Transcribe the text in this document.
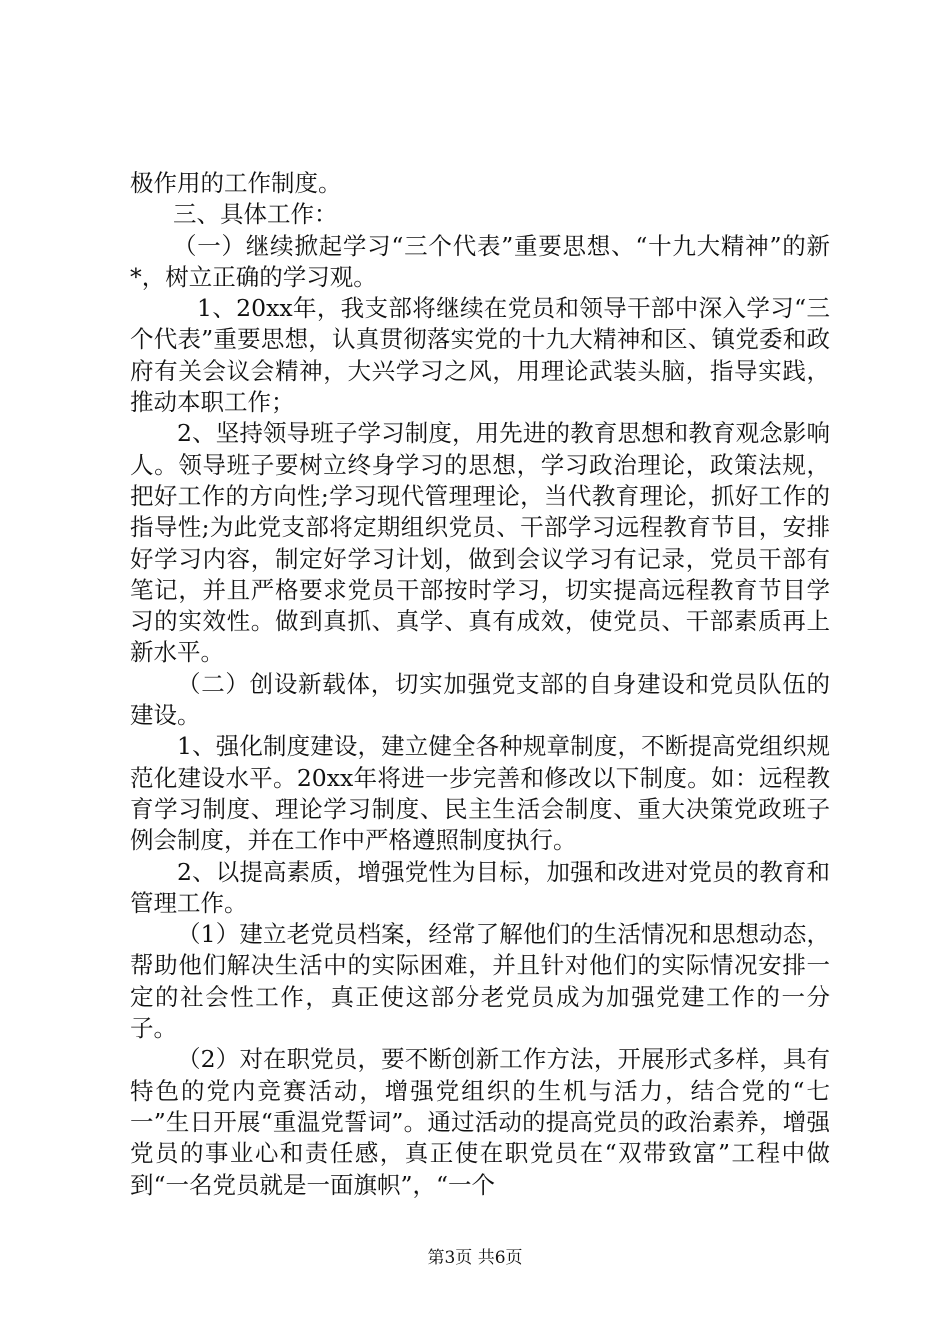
极作用的工作制度。

三、具体工作：

（一）继续掀起学习“三个代表”重要思想、“十九大精神”的新*，树立正确的学习观。

1、20xx年，我支部将继续在党员和领导干部中深入学习“三个代表”重要思想，认真贯彻落实党的十九大精神和区、镇党委和政府有关会议会精神，大兴学习之风，用理论武装头脑，指导实践，推动本职工作；

2、坚持领导班子学习制度，用先进的教育思想和教育观念影响人。领导班子要树立终身学习的思想，学习政治理论，政策法规，把好工作的方向性;学习现代管理理论，当代教育理论，抓好工作的指导性;为此党支部将定期组织党员、干部学习远程教育节目，安排好学习内容，制定好学习计划，做到会议学习有记录，党员干部有笔记，并且严格要求党员干部按时学习，切实提高远程教育节目学习的实效性。做到真抓、真学、真有成效，使党员、干部素质再上新水平。

（二）创设新载体，切实加强党支部的自身建设和党员队伍的建设。

1、强化制度建设，建立健全各种规章制度，不断提高党组织规范化建设水平。20xx年将进一步完善和修改以下制度。如：远程教育学习制度、理论学习制度、民主生活会制度、重大决策党政班子例会制度，并在工作中严格遵照制度执行。

2、以提高素质，增强党性为目标，加强和改进对党员的教育和管理工作。

（1）建立老党员档案，经常了解他们的生活情况和思想动态，帮助他们解决生活中的实际困难，并且针对他们的实际情况安排一定的社会性工作，真正使这部分老党员成为加强党建工作的一分子。

（2）对在职党员，要不断创新工作方法，开展形式多样，具有特色的党内竞赛活动，增强党组织的生机与活力，结合党的“七一”生日开展“重温党誓词”。通过活动的提高党员的政治素养，增强党员的事业心和责任感，真正使在职党员在“双带致富”工程中做到“一名党员就是一面旗帜”，“一个

第3页 共6页
